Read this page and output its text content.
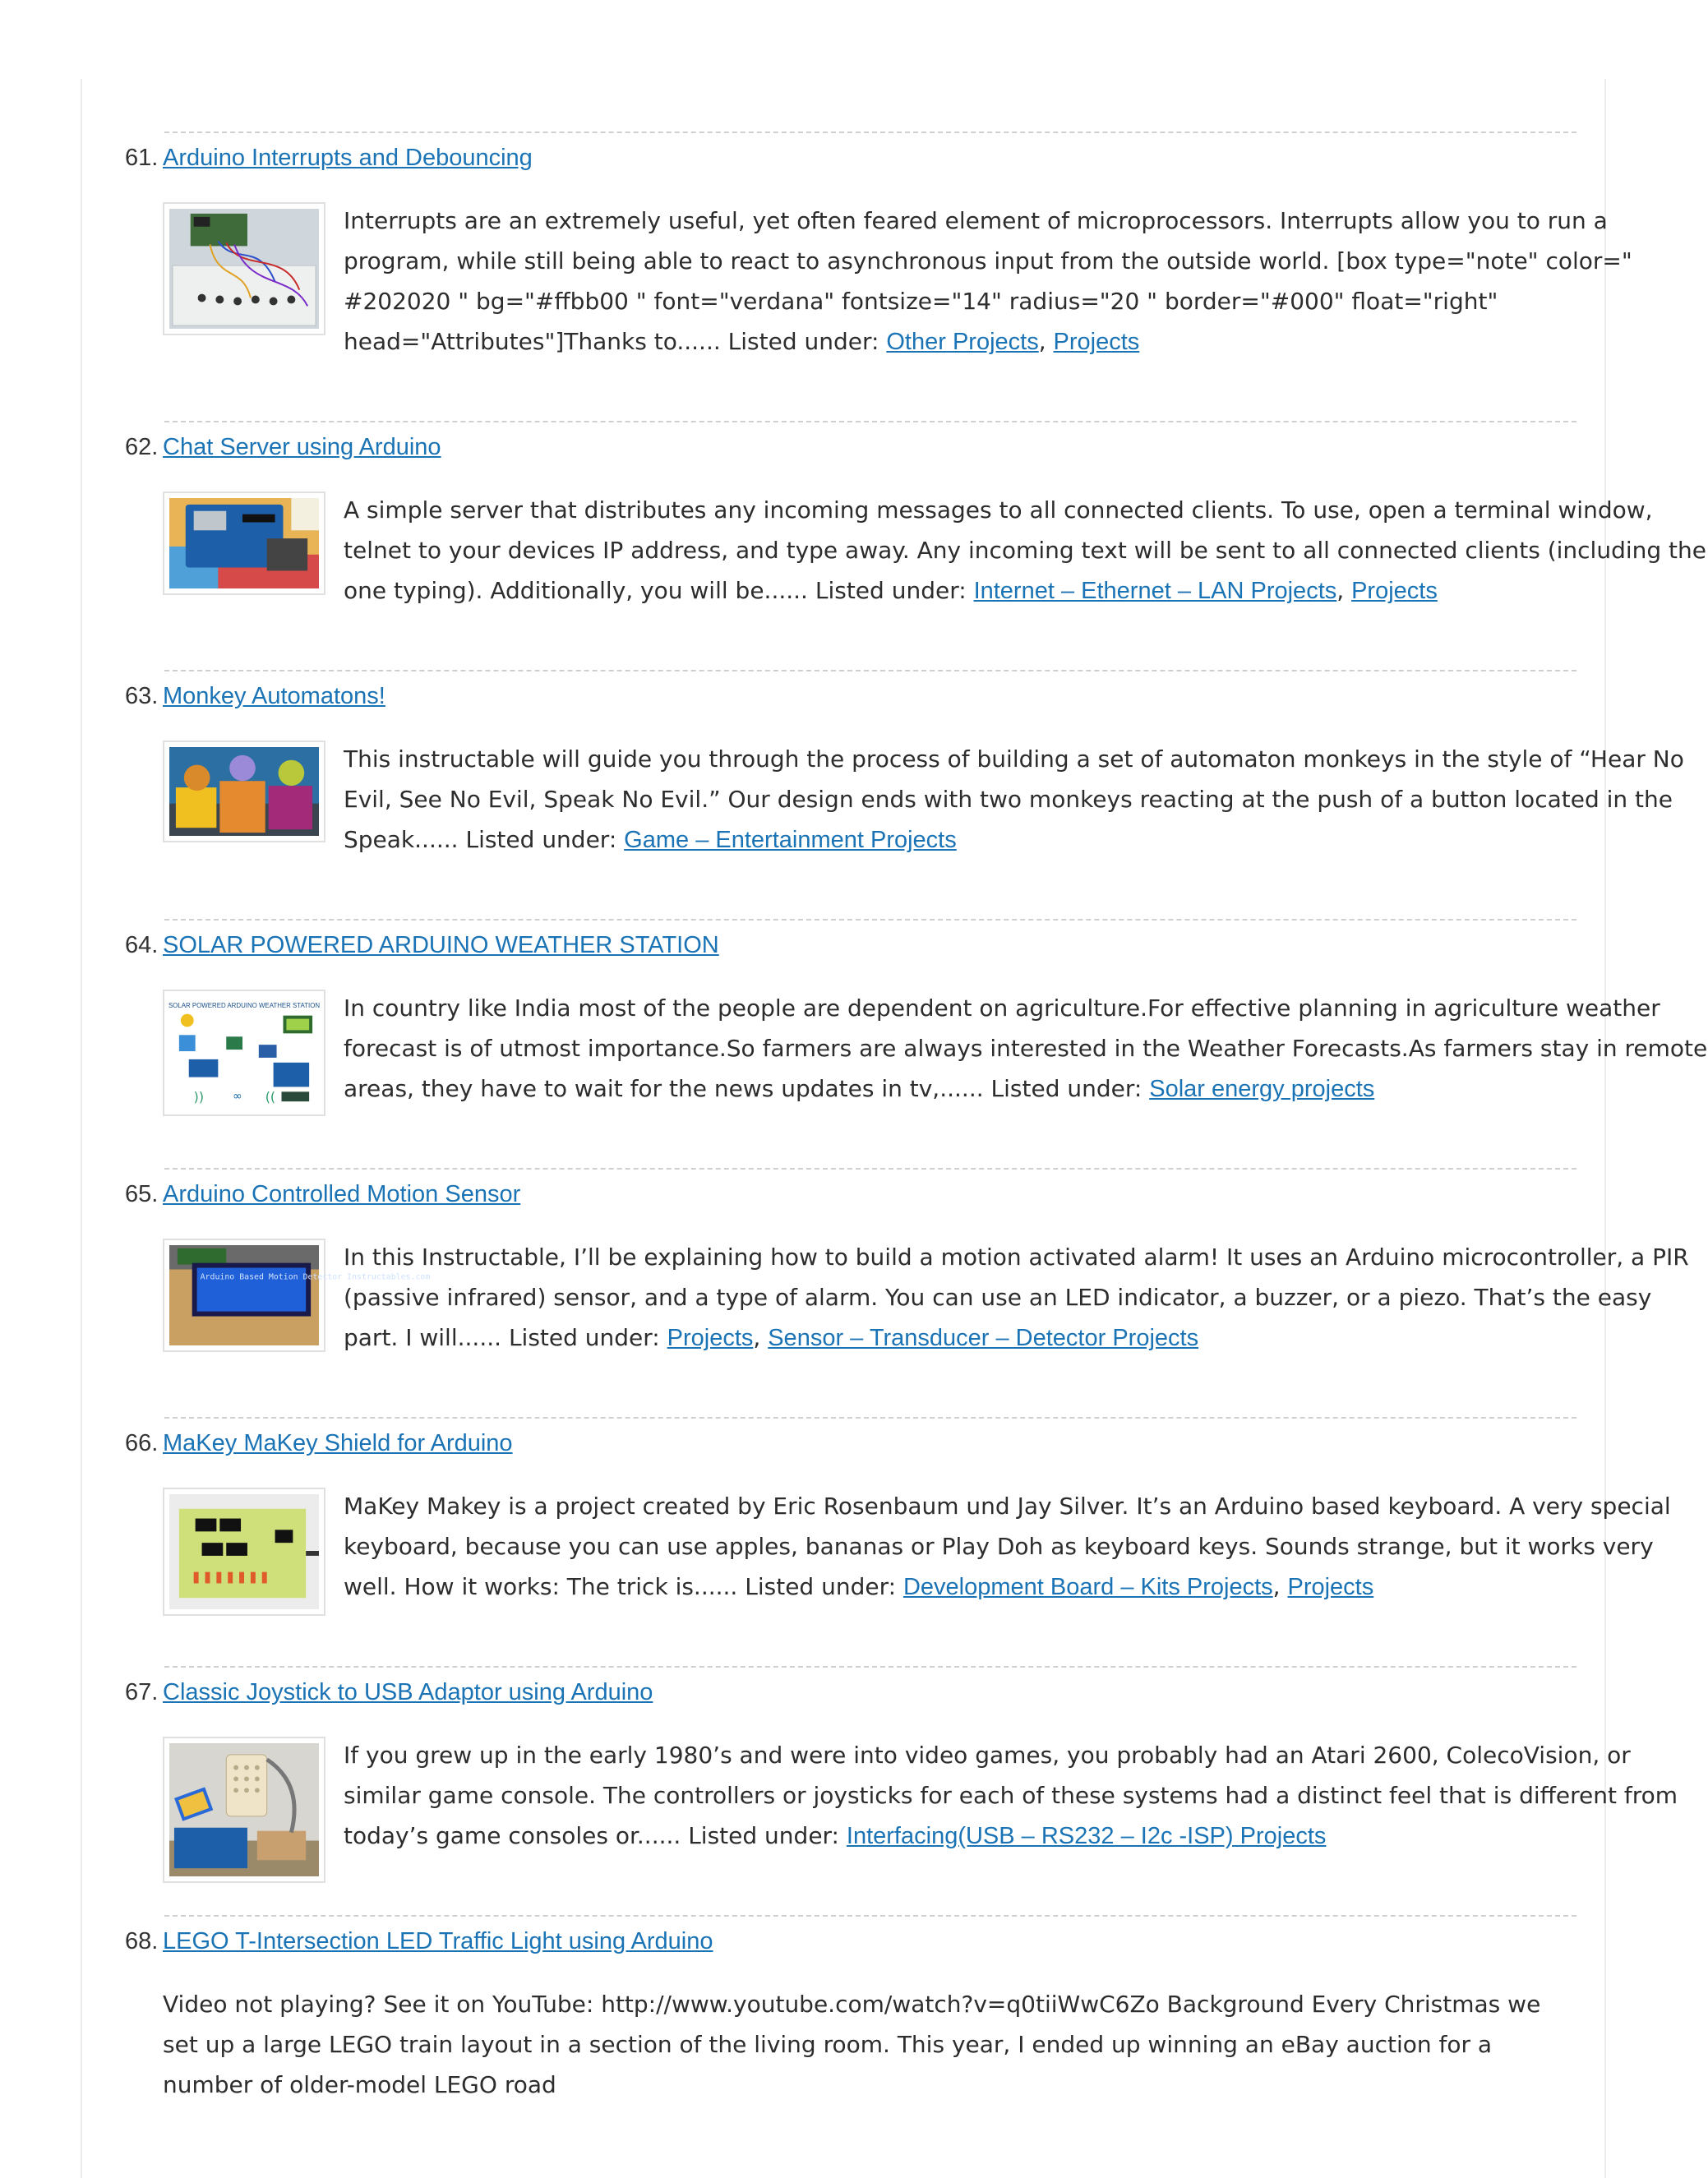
61. Arduino Interrupts and Debouncing
Interrupts are an extremely useful, yet often feared element of microprocessors. Interrupts allow you to run a program, while still being able to react to asynchronous input from the outside world. [box type="note" color=" #202020 " bg="#ffbb00 " font="verdana" fontsize="14" radius="20 " border="#000" float="right" head="Attributes"]Thanks to...... Listed under: Other Projects, Projects
62. Chat Server using Arduino
A simple server that distributes any incoming messages to all connected clients. To use, open a terminal window, telnet to your devices IP address, and type away. Any incoming text will be sent to all connected clients (including the one typing). Additionally, you will be...... Listed under: Internet – Ethernet – LAN Projects, Projects
63. Monkey Automatons!
This instructable will guide you through the process of building a set of automaton monkeys in the style of “Hear No Evil, See No Evil, Speak No Evil.” Our design ends with two monkeys reacting at the push of a button located in the Speak...... Listed under: Game – Entertainment Projects
64. SOLAR POWERED ARDUINO WEATHER STATION
SOLAR POWERED ARDUINO WEATHER STATION
))	∞ ((
In country like India most of the people are dependent on agriculture.For effective planning in agriculture weather forecast is of utmost importance.So farmers are always interested in the Weather Forecasts.As farmers stay in remote areas, they have to wait for the news updates in tv,...... Listed under: Solar energy projects
65. Arduino Controlled Motion Sensor
Arduino Based Motion Detector Instructables.com
In this Instructable, I’ll be explaining how to build a motion activated alarm! It uses an Arduino microcontroller, a PIR (passive infrared) sensor, and a type of alarm. You can use an LED indicator, a buzzer, or a piezo. That’s the easy part. I will...... Listed under: Projects, Sensor – Transducer – Detector Projects
66. MaKey MaKey Shield for Arduino
MaKey Makey is a project created by Eric Rosenbaum und Jay Silver. It’s an Arduino based keyboard. A very special keyboard, because you can use apples, bananas or Play Doh as keyboard keys. Sounds strange, but it works very well. How it works: The trick is...... Listed under: Development Board – Kits Projects, Projects
67. Classic Joystick to USB Adaptor using Arduino
If you grew up in the early 1980’s and were into video games, you probably had an Atari 2600, ColecoVision, or similar game console. The controllers or joysticks for each of these systems had a distinct feel that is different from today’s game consoles or...... Listed under: Interfacing(USB – RS232 – I2c -ISP) Projects
68. LEGO T-Intersection LED Traffic Light using Arduino
Video not playing? See it on YouTube: http://www.youtube.com/watch?v=q0tiiWwC6Zo Background Every Christmas we set up a large LEGO train layout in a section of the living room. This year, I ended up winning an eBay auction for a number of older-model LEGO road
